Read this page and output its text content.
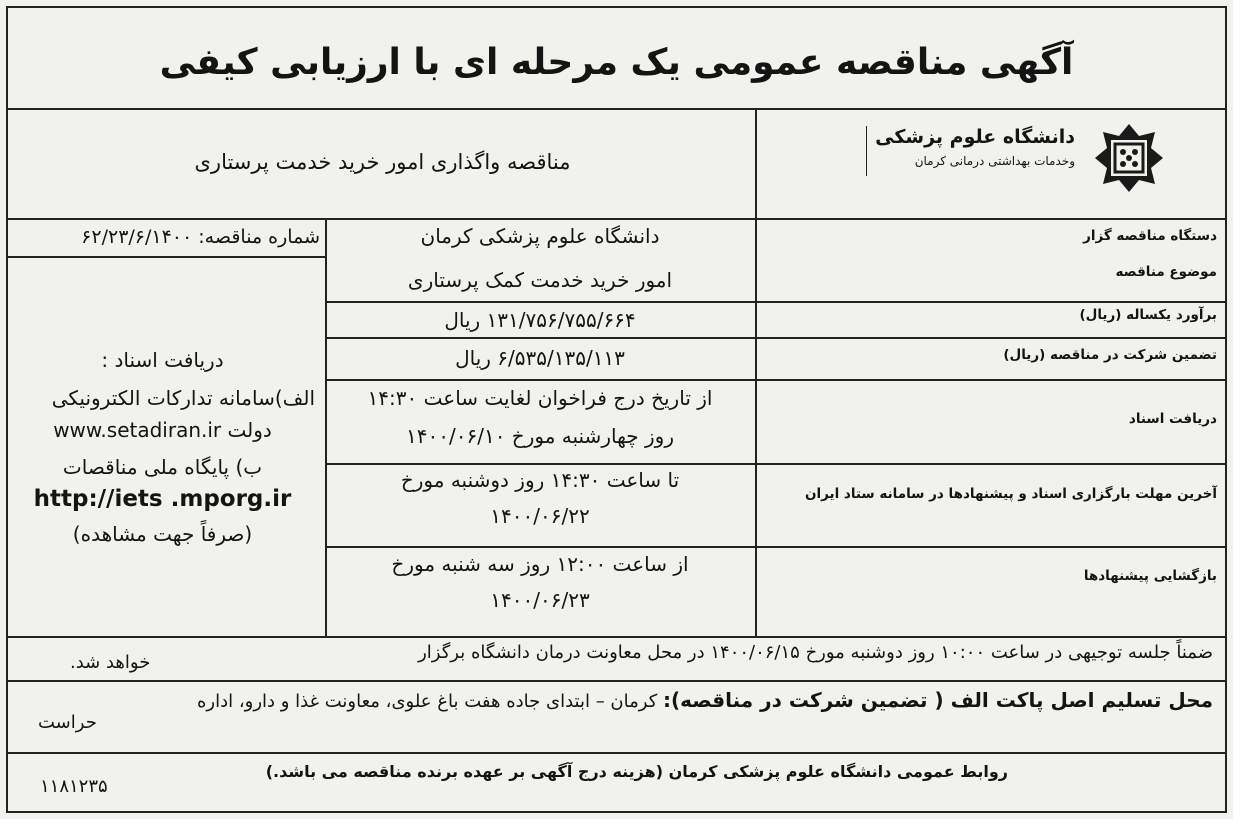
آگهی مناقصه عمومی یک مرحله ای با ارزیابی کیفی
مناقصه واگذاری امور خرید خدمت پرستاری
دانشگاه علوم پزشکی
وخدمات بهداشتی درمانی کرمان
شماره مناقصه: ۶۲/۲۳/۶/۱۴۰۰	دستگاه مناقصه گزار
موضوع مناقصه
برآورد یکساله (ریال)
تضمین شرکت در مناقصه (ریال)
دریافت اسناد
آخرین مهلت بارگزاری اسناد و پیشنهادها در سامانه ستاد ایران
بازگشایی پیشنهادها
دانشگاه علوم پزشکی کرمان
امور خرید خدمت کمک پرستاری
۱۳۱/۷۵۶/۷۵۵/۶۶۴ ریال
۶/۵۳۵/۱۳۵/۱۱۳ ریال
از تاریخ درج فراخوان لغایت ساعت ۱۴:۳۰
روز چهارشنبه مورخ ۱۴۰۰/۰۶/۱۰
تا ساعت ۱۴:۳۰ روز دوشنبه مورخ
۱۴۰۰/۰۶/۲۲
از ساعت ۱۲:۰۰ روز سه شنبه مورخ
۱۴۰۰/۰۶/۲۳
دریافت اسناد :
الف)سامانه تدارکات الکترونیکی
دولت www.setadiran.ir
ب) پایگاه ملی مناقصات
http://iets .mporg.ir
(صرفاً جهت مشاهده)
ضمناً جلسه توجیهی در ساعت ۱۰:۰۰ روز دوشنبه مورخ ۱۴۰۰/۰۶/۱۵ در محل معاونت درمان دانشگاه برگزار
خواهد شد.
محل تسلیم اصل پاکت الف ( تضمین شرکت در مناقصه): کرمان – ابتدای جاده هفت باغ علوی، معاونت غذا و دارو، اداره
حراست
روابط عمومی دانشگاه علوم پزشکی کرمان (هزینه درج آگهی بر عهده برنده مناقصه می باشد.)
۱۱۸۱۲۳۵
